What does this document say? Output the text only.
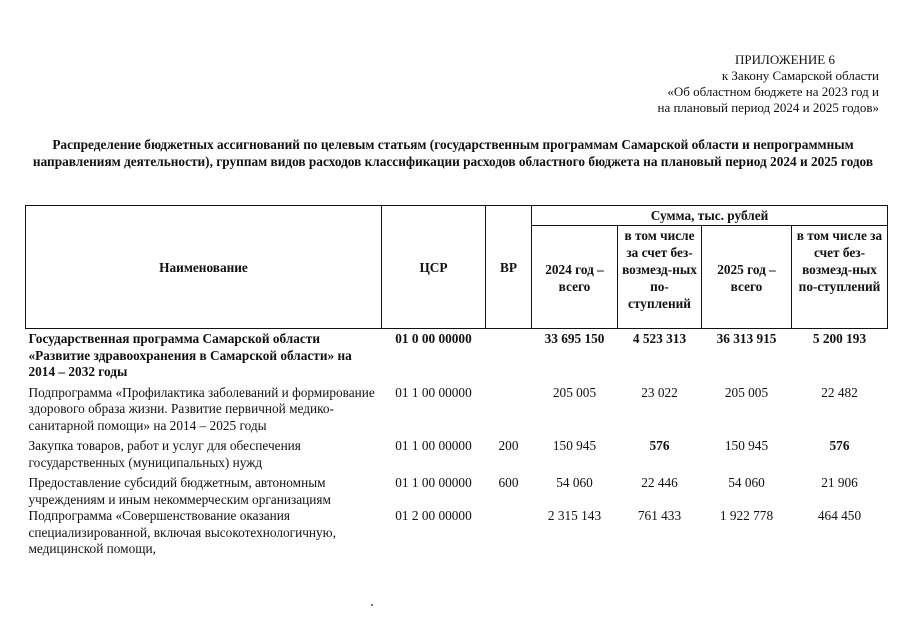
ПРИЛОЖЕНИЕ 6
к Закону Самарской области
«Об областном бюджете на 2023 год и
на плановый период 2024 и 2025 годов»
Распределение бюджетных ассигнований по целевым статьям (государственным программам Самарской области и непрограммным направлениям деятельности), группам видов расходов классификации расходов областного бюджета на плановый период 2024 и 2025 годов
Наименование	ЦСР	ВР	Сумма, тыс. рублей			
			2024 год – всего	в том числе за счет без-возмезд-ных по-ступлений	2025 год – всего	в том числе за счет без-возмезд-ных по-ступлений
Государственная программа Самарской области «Развитие здравоохранения в Самарской области» на 2014 – 2032 годы	01 0 00 00000		33 695 150	4 523 313	36 313 915	5 200 193
Подпрограмма «Профилактика заболеваний и формирование здорового образа жизни. Развитие первичной медико-санитарной помощи» на 2014 – 2025 годы	01 1 00 00000		205 005	23 022	205 005	22 482
Закупка товаров, работ и услуг для обеспечения государственных (муниципальных) нужд	01 1 00 00000	200	150 945	576	150 945	576
Предоставление субсидий бюджетным, автономным учреждениям и иным некоммерческим организациям	01 1 00 00000	600	54 060	22 446	54 060	21 906
Подпрограмма «Совершенствование оказания специализированной, включая высокотехнологичную, медицинской помощи,	01 2 00 00000		2 315 143	761 433	1 922 778	464 450
